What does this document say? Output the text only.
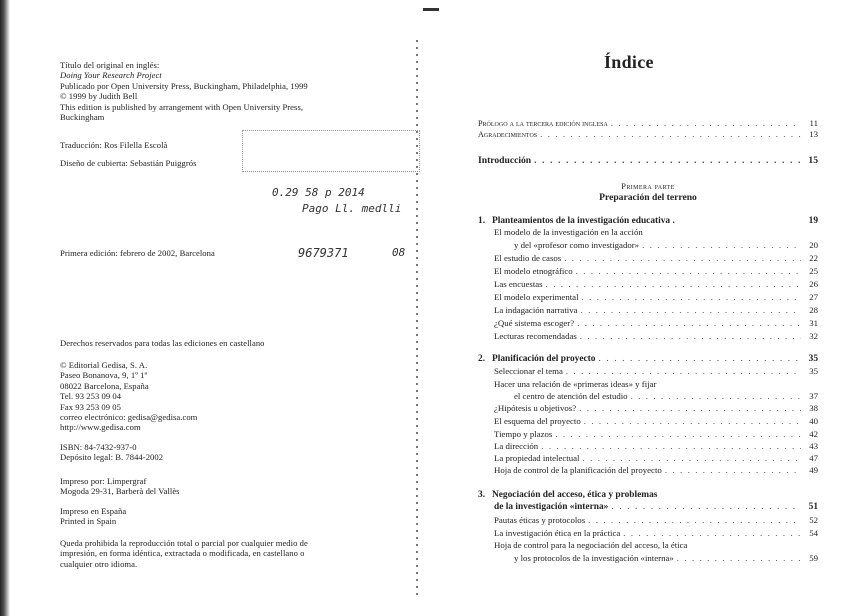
Título del original en inglés:
Doing Your Research Project
Publicado por Open University Press, Buckingham, Philadelphia, 1999
© 1999 by Judith Bell
This edition is published by arrangement with Open University Press,
Buckingham
Traducción: Ros Filella Escolà
Diseño de cubierta: Sebastián Puiggrós
0.29 58 p 2014
Pago Ll. medlli
9679371	08
Primera edición: febrero de 2002, Barcelona
Derechos reservados para todas las ediciones en castellano
© Editorial Gedisa, S. A.
Paseo Bonanova, 9, 1º 1ª
08022 Barcelona, España
Tel. 93 253 09 04
Fax 93 253 09 05
correo electrónico: gedisa@gedisa.com
http://www.gedisa.com
ISBN: 84-7432-937-0
Depósito legal: B. 7844-2002
Impreso por: Limpergraf
Mogoda 29-31, Barberà del Vallès
Impreso en España
Printed in Spain
Queda prohibida la reproducción total o parcial por cualquier medio de
impresión, en forma idéntica, extractada o modificada, en castellano o
cualquier otro idioma.
Índice
Prólogo a la tercera edición inglesa . . .	11
Agradecimientos . . .	13
Introducción . . .	15
Primera parte
Preparación del terreno
1. Planteamientos de la investigación educativa .	19
El modelo de la investigación en la acción
y del «profesor como investigador» . . .	20
El estudio de casos . . .	22
El modelo etnográfico . . .	25
Las encuestas . . .	26
El modelo experimental . . .	27
La indagación narrativa . . .	28
¿Qué sistema escoger? . . .	31
Lecturas recomendadas . . .	32
2. Planificación del proyecto . . .	35
Seleccionar el tema . . .	35
Hacer una relación de «primeras ideas» y fijar
el centro de atención del estudio . . .	37
¿Hipótesis u objetivos? . . .	38
El esquema del proyecto . . .	40
Tiempo y plazos . . .	42
La dirección . . .	43
La propiedad intelectual . . .	47
Hoja de control de la planificación del proyecto . . .	49
3. Negociación del acceso, ética y problemas
de la investigación «interna» . . .	51
Pautas éticas y protocolos . . .	52
La investigación ética en la práctica . . .	54
Hoja de control para la negociación del acceso, la ética
y los protocolos de la investigación «interna» . . .	59
